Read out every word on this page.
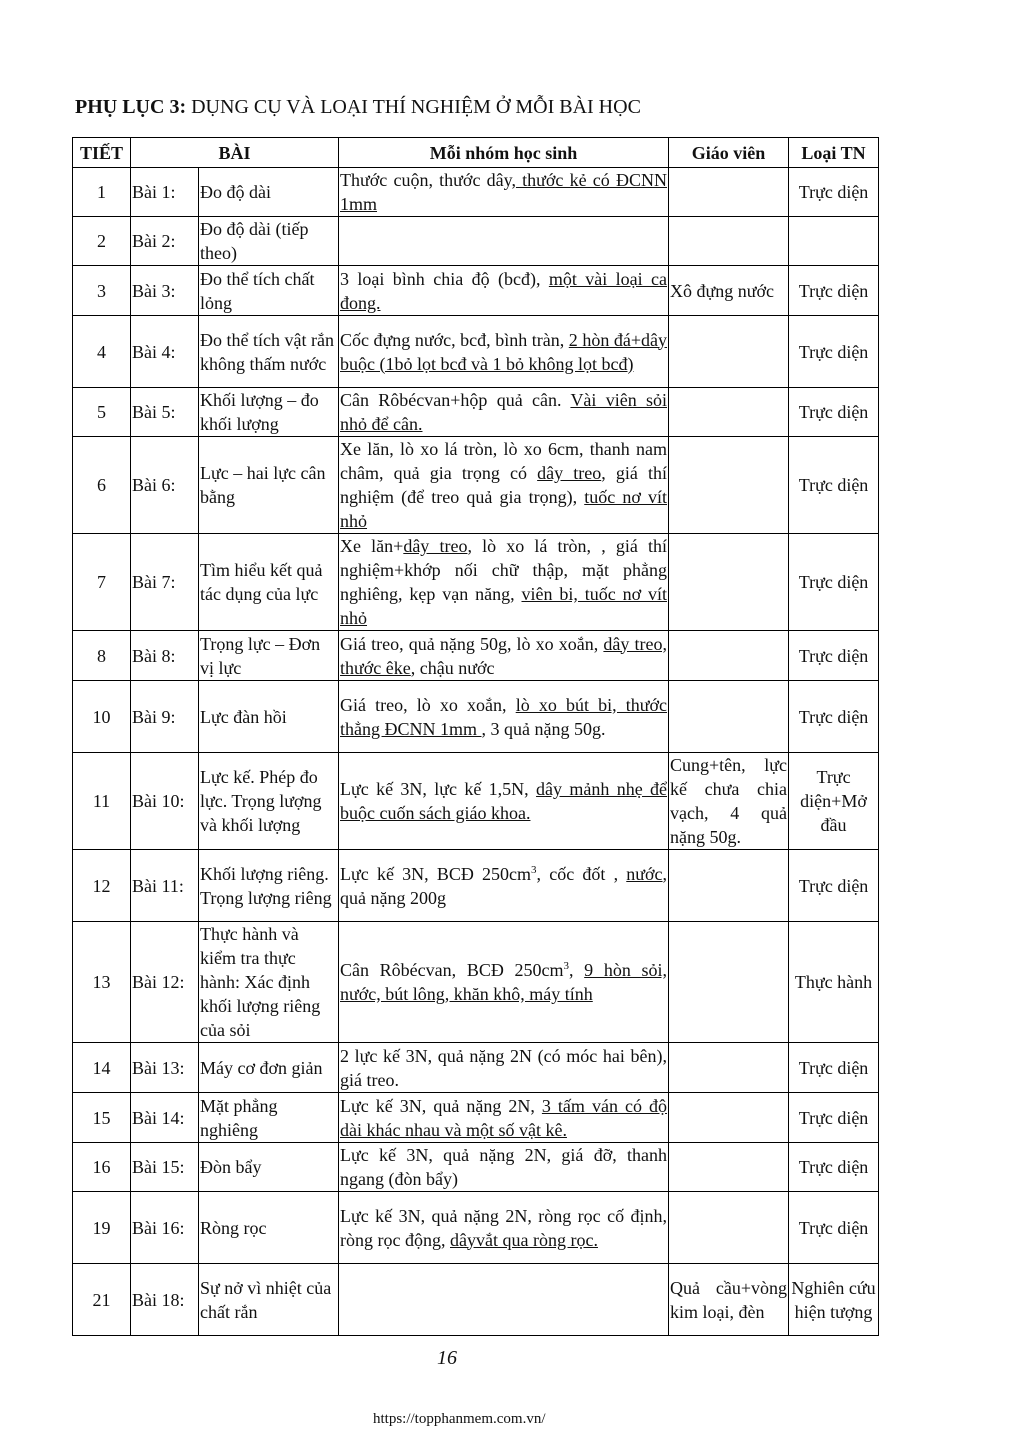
PHỤ LỤC 3: DỤNG CỤ VÀ LOẠI THÍ NGHIỆM Ở MỖI BÀI HỌC
TIẾT	BÀI		Mỗi nhóm học sinh	Giáo viên	Loại TN
1	Bài 1:	Đo độ dài	Thước cuộn, thước dây, thước kẻ có ĐCNN 1mm		Trực diện
2	Bài 2:	Đo độ dài (tiếp theo)			
3	Bài 3:	Đo thể tích chất lỏng	3 loại bình chia độ (bcđ), một vài loại ca đong.	Xô đựng nước	Trực diện
4	Bài 4:	Đo thể tích vật rắn không thấm nước	Cốc đựng nước, bcđ, bình tràn, 2 hòn đá+dây buộc (1bỏ lọt bcđ và 1 bỏ không lọt bcđ)		Trực diện
5	Bài 5:	Khối lượng – đo khối lượng	Cân Rôbécvan+hộp quả cân. Vài viên sỏi nhỏ để cân.		Trực diện
6	Bài 6:	Lực – hai lực cân bằng	Xe lăn, lò xo lá tròn, lò xo 6cm, thanh nam châm, quả gia trọng có dây treo, giá thí nghiệm (để treo quả gia trọng), tuốc nơ vít nhỏ		Trực diện
7	Bài 7:	Tìm hiểu kết quả tác dụng của lực	Xe lăn+dây treo, lò xo lá tròn, , giá thí nghiệm+khớp nối chữ thập, mặt phẳng nghiêng, kẹp vạn năng, viên bi, tuốc nơ vít nhỏ		Trực diện
8	Bài 8:	Trọng lực – Đơn vị lực	Giá treo, quả nặng 50g, lò xo xoắn, dây treo, thước êke, chậu nước		Trực diện
10	Bài 9:	Lực đàn hồi	Giá treo, lò xo xoắn, lò xo bút bi, thước thẳng ĐCNN 1mm , 3 quả nặng 50g.		Trực diện
11	Bài 10:	Lực kế. Phép đo lực. Trọng lượng và khối lượng	Lực kế 3N, lực kế 1,5N, dây mảnh nhẹ để buộc cuốn sách giáo khoa.	Cung+tên, lực kế chưa chia vạch, 4 quả nặng 50g.	Trực diện+Mở đầu
12	Bài 11:	Khối lượng riêng. Trọng lượng riêng	Lực kế 3N, BCĐ $250cm^3$, cốc đốt , nước, quả nặng 200g		Trực diện
13	Bài 12:	Thực hành và kiểm tra thực hành: Xác định khối lượng riêng của sỏi	Cân Rôbécvan, BCĐ $250cm^3$, 9 hòn sỏi, nước, bút lông, khăn khô, máy tính		Thực hành
14	Bài 13:	Máy cơ đơn giản	2 lực kế 3N, quả nặng 2N (có móc hai bên), giá treo.		Trực diện
15	Bài 14:	Mặt phẳng nghiêng	Lực kế 3N, quả nặng 2N, 3 tấm ván có độ dài khác nhau và một số vật kê.		Trực diện
16	Bài 15:	Đòn bẩy	Lực kế 3N, quả nặng 2N, giá đỡ, thanh ngang (đòn bẩy)		Trực diện
19	Bài 16:	Ròng rọc	Lực kế 3N, quả nặng 2N, ròng rọc cố định, ròng rọc động, dâyvắt qua ròng rọc.		Trực diện
21	Bài 18:	Sự nở vì nhiệt của chất rắn		Quả cầu+vòng kim loại, đèn	Nghiên cứu hiện tượng
16
https://topphanmem.com.vn/
